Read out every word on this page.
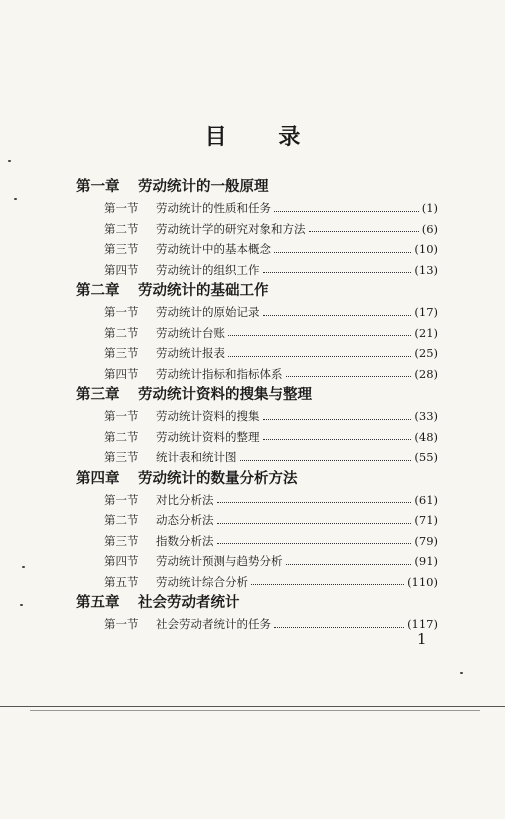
目 录
第一章 劳动统计的一般原理
第一节	劳动统计的性质和任务	(1)
第二节	劳动统计学的研究对象和方法	(6)
第三节	劳动统计中的基本概念	(10)
第四节	劳动统计的组织工作	(13)
第二章 劳动统计的基础工作
第一节	劳动统计的原始记录	(17)
第二节	劳动统计台账	(21)
第三节	劳动统计报表	(25)
第四节	劳动统计指标和指标体系	(28)
第三章 劳动统计资料的搜集与整理
第一节	劳动统计资料的搜集	(33)
第二节	劳动统计资料的整理	(48)
第三节	统计表和统计图	(55)
第四章 劳动统计的数量分析方法
第一节	对比分析法	(61)
第二节	动态分析法	(71)
第三节	指数分析法	(79)
第四节	劳动统计预测与趋势分析	(91)
第五节	劳动统计综合分析	(110)
第五章 社会劳动者统计
第一节	社会劳动者统计的任务	(117)
1
